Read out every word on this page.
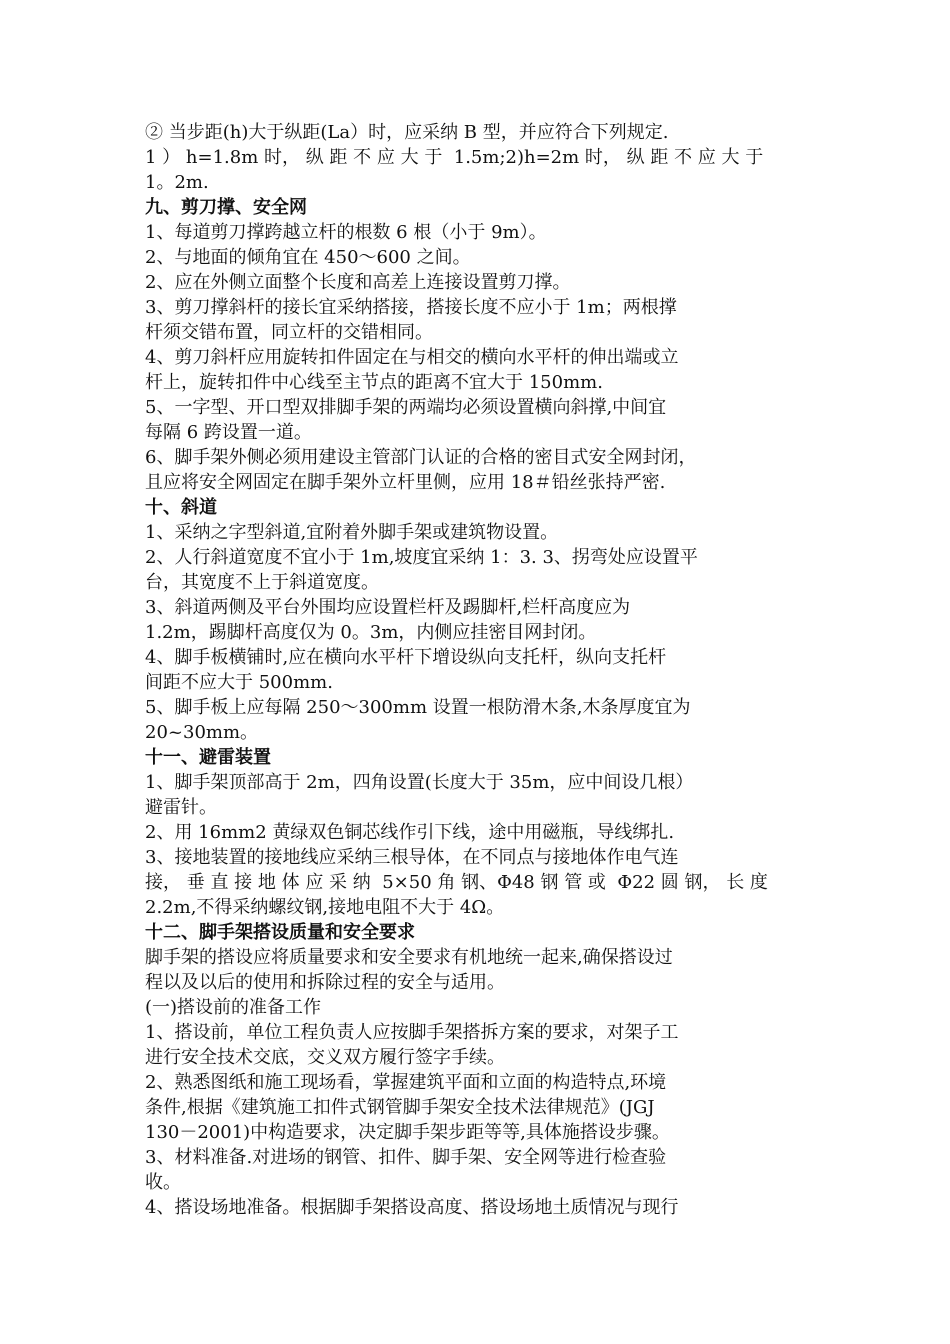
② 当步距(h)大于纵距(La）时，应采纳 B 型，并应符合下列规定.
1 ） h=1.8m 时， 纵 距 不 应 大 于  1.5m;2)h=2m 时， 纵 距 不 应 大 于
1。2m.
九、剪刀撑、安全网
1、每道剪刀撑跨越立杆的根数 6 根（小于 9m）。
2、与地面的倾角宜在 450～600 之间。
2、应在外侧立面整个长度和高差上连接设置剪刀撑。
3、剪刀撑斜杆的接长宜采纳搭接，搭接长度不应小于 1m；两根撑
杆须交错布置，同立杆的交错相同。
4、剪刀斜杆应用旋转扣件固定在与相交的横向水平杆的伸出端或立
杆上，旋转扣件中心线至主节点的距离不宜大于 150mm.
5、一字型、开口型双排脚手架的两端均必须设置横向斜撑,中间宜
每隔 6 跨设置一道。
6、脚手架外侧必须用建设主管部门认证的合格的密目式安全网封闭，
且应将安全网固定在脚手架外立杆里侧，应用 18＃铅丝张持严密.
十、斜道
1、采纳之字型斜道,宜附着外脚手架或建筑物设置。
2、人行斜道宽度不宜小于 1m,坡度宜采纳 1：3. 3、拐弯处应设置平
台，其宽度不上于斜道宽度。
3、斜道两侧及平台外围均应设置栏杆及踢脚杆,栏杆高度应为
1.2m，踢脚杆高度仅为 0。3m，内侧应挂密目网封闭。
4、脚手板横铺时,应在横向水平杆下增设纵向支托杆，纵向支托杆
间距不应大于 500mm.
5、脚手板上应每隔 250～300mm 设置一根防滑木条,木条厚度宜为
20~30mm。
十一、避雷装置
1、脚手架顶部高于 2m，四角设置(长度大于 35m，应中间设几根）
避雷针。
2、用 16mm2 黄绿双色铜芯线作引下线，途中用磁瓶，导线绑扎.
3、接地装置的接地线应采纳三根导体，在不同点与接地体作电气连
接， 垂 直 接 地 体 应 采 纳  5×50 角 钢、Φ48 钢 管 或  Φ22 圆 钢， 长 度
2.2m,不得采纳螺纹钢,接地电阻不大于 4Ω。
十二、脚手架搭设质量和安全要求
脚手架的搭设应将质量要求和安全要求有机地统一起来,确保搭设过
程以及以后的使用和拆除过程的安全与适用。
(一)搭设前的准备工作
1、搭设前，单位工程负责人应按脚手架搭拆方案的要求，对架子工
进行安全技术交底，交义双方履行签字手续。
2、熟悉图纸和施工现场看，掌握建筑平面和立面的构造特点,环境
条件,根据《建筑施工扣件式钢管脚手架安全技术法律规范》(JGJ
130－2001)中构造要求，决定脚手架步距等等,具体施搭设步骤。
3、材料准备.对进场的钢管、扣件、脚手架、安全网等进行检查验
收。
4、搭设场地准备。根据脚手架搭设高度、搭设场地土质情况与现行
